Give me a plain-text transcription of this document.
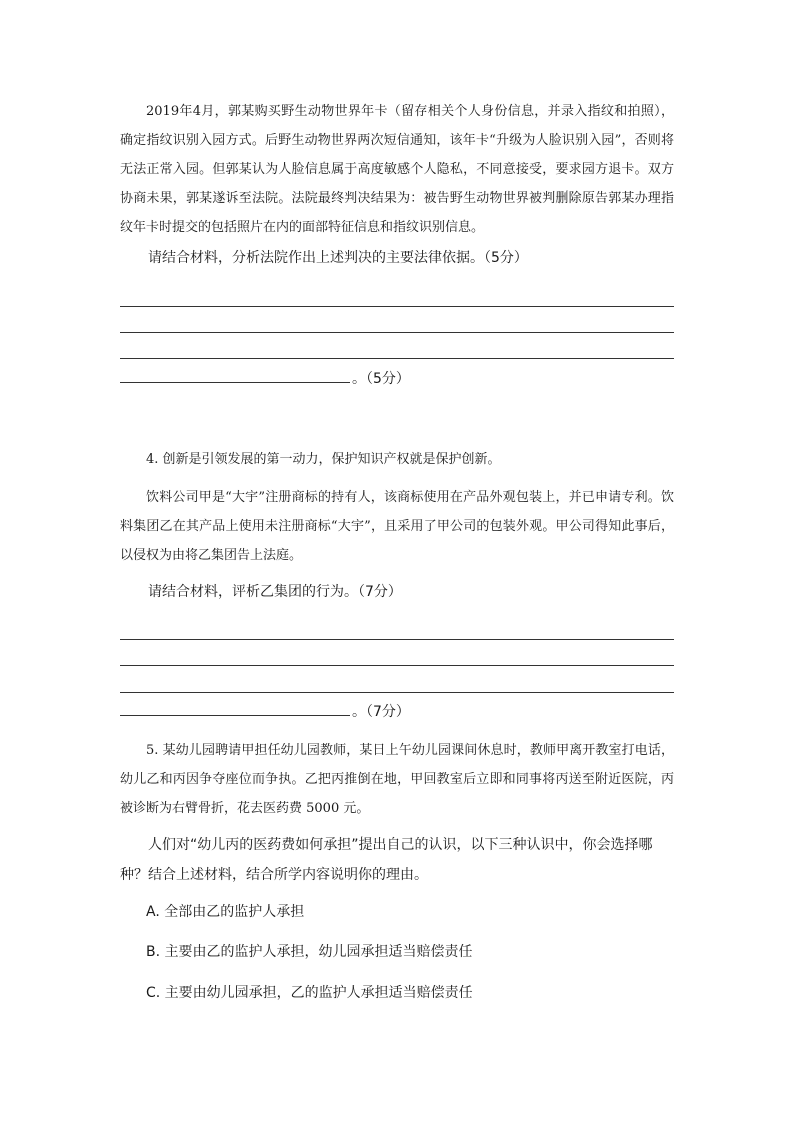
2019年4月，郭某购买野生动物世界年卡（留存相关个人身份信息，并录入指纹和拍照），确定指纹识别入园方式。后野生动物世界两次短信通知，该年卡“升级为人脸识别入园”，否则将无法正常入园。但郭某认为人脸信息属于高度敏感个人隐私，不同意接受，要求园方退卡。双方协商未果，郭某遂诉至法院。法院最终判决结果为：被告野生动物世界被判删除原告郭某办理指纹年卡时提交的包括照片在内的面部特征信息和指纹识别信息。

请结合材料，分析法院作出上述判决的主要法律依据。（5分）

。（5分）

4. 创新是引领发展的第一动力，保护知识产权就是保护创新。

饮料公司甲是“大宇”注册商标的持有人，该商标使用在产品外观包装上，并已申请专利。饮料集团乙在其产品上使用未注册商标“大宇”，且采用了甲公司的包装外观。甲公司得知此事后，以侵权为由将乙集团告上法庭。

请结合材料，评析乙集团的行为。（7分）

。（7分）

5. 某幼儿园聘请甲担任幼儿园教师，某日上午幼儿园课间休息时，教师甲离开教室打电话，幼儿乙和丙因争夺座位而争执。乙把丙推倒在地，甲回教室后立即和同事将丙送至附近医院，丙被诊断为右臂骨折，花去医药费 5000 元。

人们对“幼儿丙的医药费如何承担”提出自己的认识，以下三种认识中，你会选择哪种？结合上述材料，结合所学内容说明你的理由。

A. 全部由乙的监护人承担
B. 主要由乙的监护人承担，幼儿园承担适当赔偿责任
C. 主要由幼儿园承担，乙的监护人承担适当赔偿责任
